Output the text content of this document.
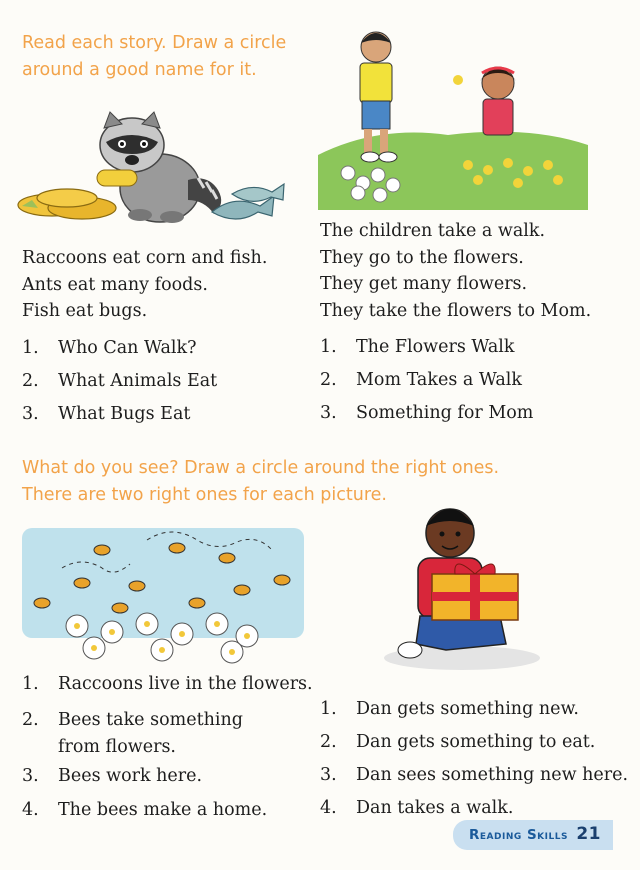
Read each story. Draw a circle
around a good name for it.
Raccoons eat corn and fish.
Ants eat many foods.
Fish eat bugs.
The children take a walk.
They go to the flowers.
They get many flowers.
They take the flowers to Mom.
1. Who Can Walk?
2. What Animals Eat
3. What Bugs Eat
1. The Flowers Walk
2. Mom Takes a Walk
3. Something for Mom
What do you see? Draw a circle around the right ones.
There are two right ones for each picture.
1. Raccoons live in the flowers.
2. Bees take something
from flowers.
3. Bees work here.
4. The bees make a home.
1. Dan gets something new.
2. Dan gets something to eat.
3. Dan sees something new here.
4. Dan takes a walk.
Reading Skills 21
